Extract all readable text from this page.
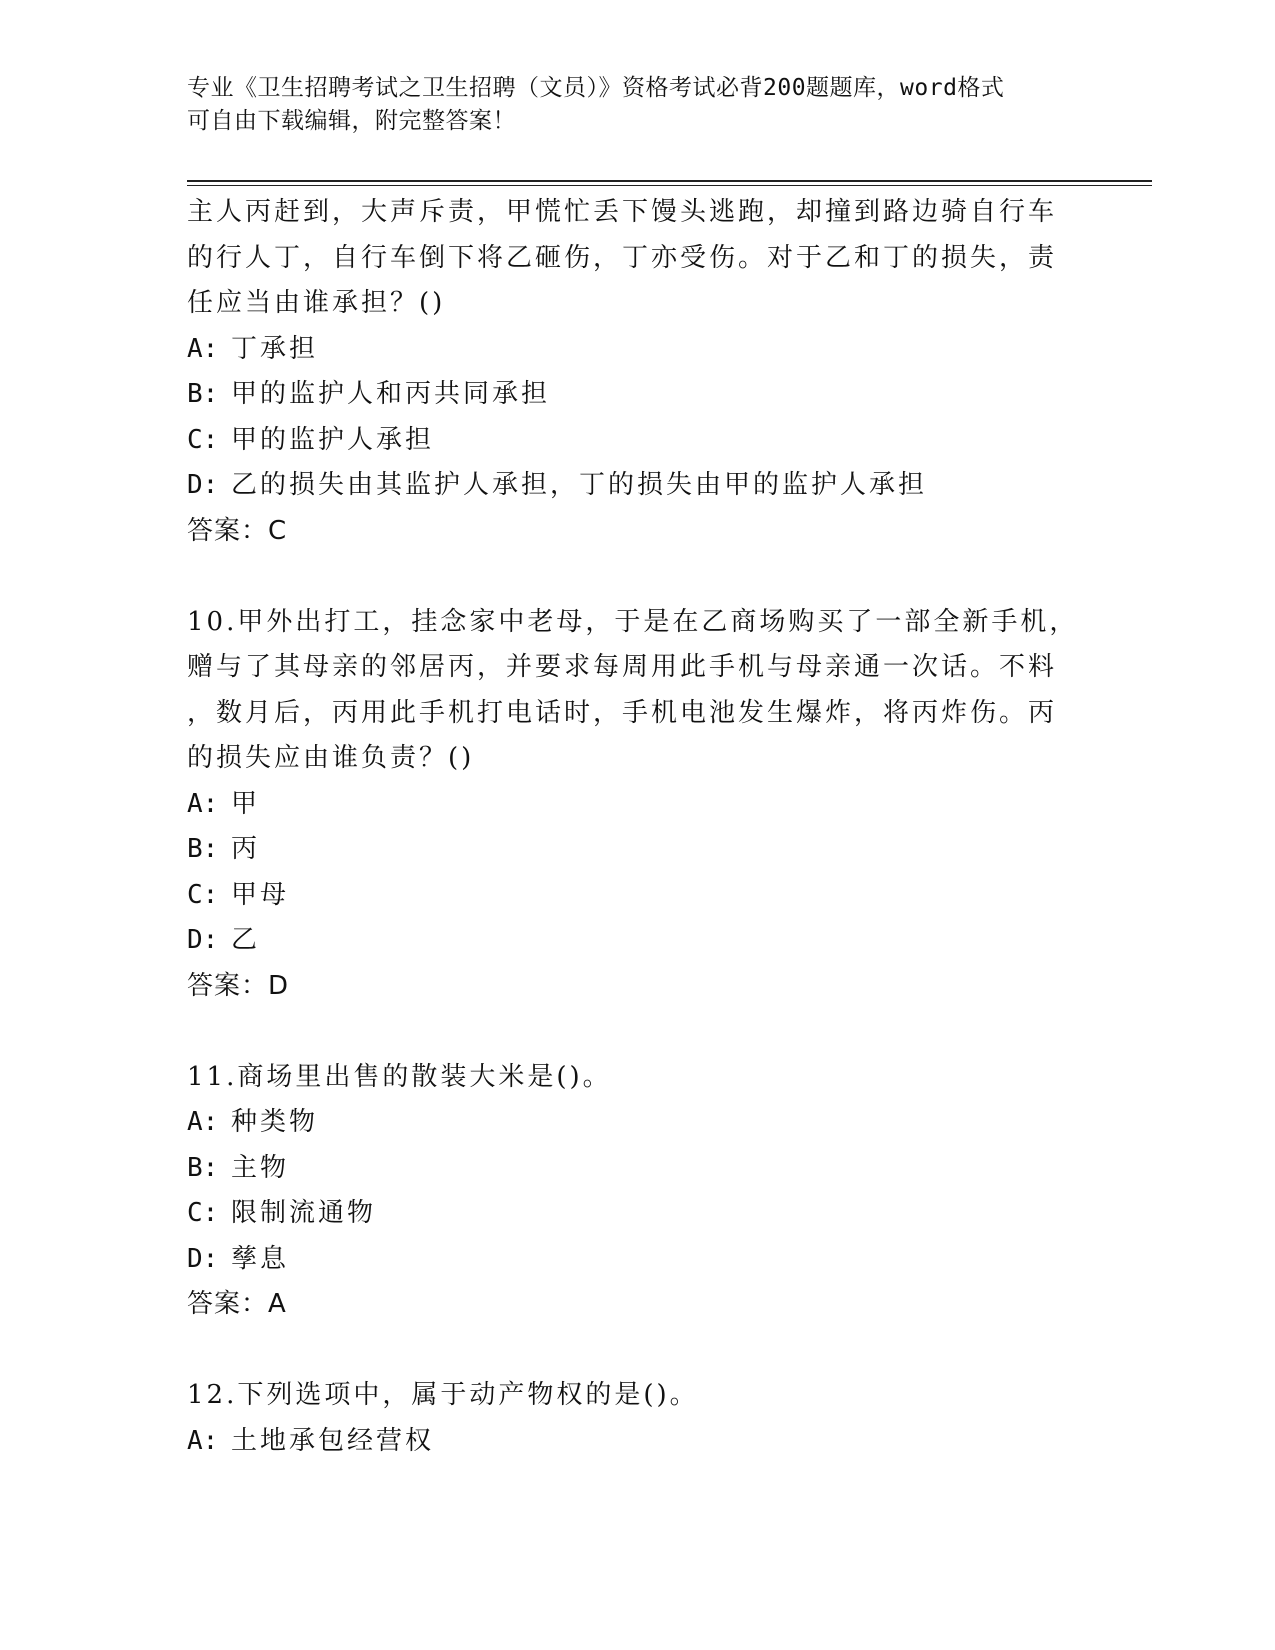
专业《卫生招聘考试之卫生招聘（文员）》资格考试必背200题题库，word格式
可自由下载编辑，附完整答案！
主人丙赶到，大声斥责，甲慌忙丢下馒头逃跑，却撞到路边骑自行车
的行人丁，自行车倒下将乙砸伤，丁亦受伤。对于乙和丁的损失，责
任应当由谁承担？()
A: 丁承担
B: 甲的监护人和丙共同承担
C: 甲的监护人承担
D: 乙的损失由其监护人承担，丁的损失由甲的监护人承担
答案：C
10.甲外出打工，挂念家中老母，于是在乙商场购买了一部全新手机，
赠与了其母亲的邻居丙，并要求每周用此手机与母亲通一次话。不料
，数月后，丙用此手机打电话时，手机电池发生爆炸，将丙炸伤。丙
的损失应由谁负责？()
A: 甲
B: 丙
C: 甲母
D: 乙
答案：D
11.商场里出售的散装大米是()。
A: 种类物
B: 主物
C: 限制流通物
D: 孳息
答案：A
12.下列选项中，属于动产物权的是()。
A: 土地承包经营权
